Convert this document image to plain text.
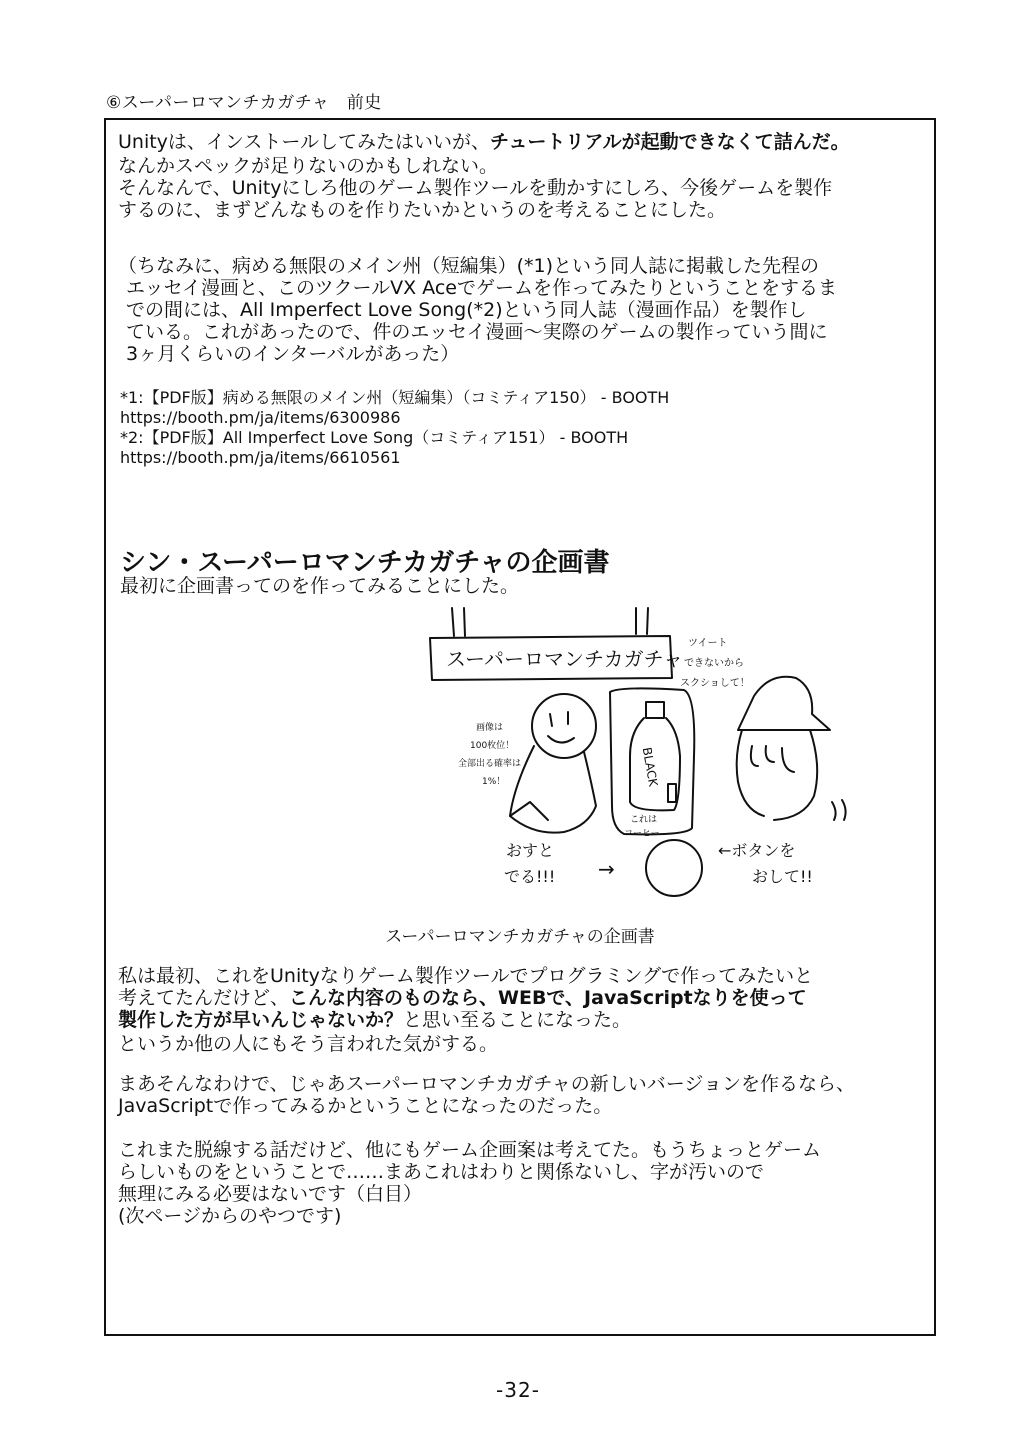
⑥スーパーロマンチカガチャ　前史

Unityは、インストールしてみたはいいが、チュートリアルが起動できなくて詰んだ。

なんかスペックが足りないのかもしれない。

そんなんで、Unityにしろ他のゲーム製作ツールを動かすにしろ、今後ゲームを製作

するのに、まずどんなものを作りたいかというのを考えることにした。

（ちなみに、病める無限のメイン州（短編集）(*1)という同人誌に掲載した先程の

エッセイ漫画と、このツクールVX Aceでゲームを作ってみたりということをするま

での間には、All Imperfect Love Song(*2)という同人誌（漫画作品）を製作し

ている。これがあったので、件のエッセイ漫画～実際のゲームの製作っていう間に

3ヶ月くらいのインターバルがあった）

*1:【PDF版】病める無限のメイン州（短編集）（コミティア150） - BOOTH

https://booth.pm/ja/items/6300986

*2:【PDF版】All Imperfect Love Song（コミティア151） - BOOTH

https://booth.pm/ja/items/6610561

シン・スーパーロマンチカガチャの企画書

最初に企画書ってのを作ってみることにした。

スーパーロマンチカガチャ
ツイート
できないから
スクショして！
画像は
100枚位！
全部出る確率は
1%！	BLACK
これは
コーヒー
おすと
でる!!! →
←ボタンを
おして!!
スーパーロマンチカガチャの企画書

私は最初、これをUnityなりゲーム製作ツールでプログラミングで作ってみたいと

考えてたんだけど、こんな内容のものなら、WEBで、JavaScriptなりを使って

製作した方が早いんじゃないか？と思い至ることになった。

というか他の人にもそう言われた気がする。

まあそんなわけで、じゃあスーパーロマンチカガチャの新しいバージョンを作るなら、

JavaScriptで作ってみるかということになったのだった。

これまた脱線する話だけど、他にもゲーム企画案は考えてた。もうちょっとゲーム

らしいものをということで……まあこれはわりと関係ないし、字が汚いので

無理にみる必要はないです（白目）

(次ページからのやつです)

-32-
